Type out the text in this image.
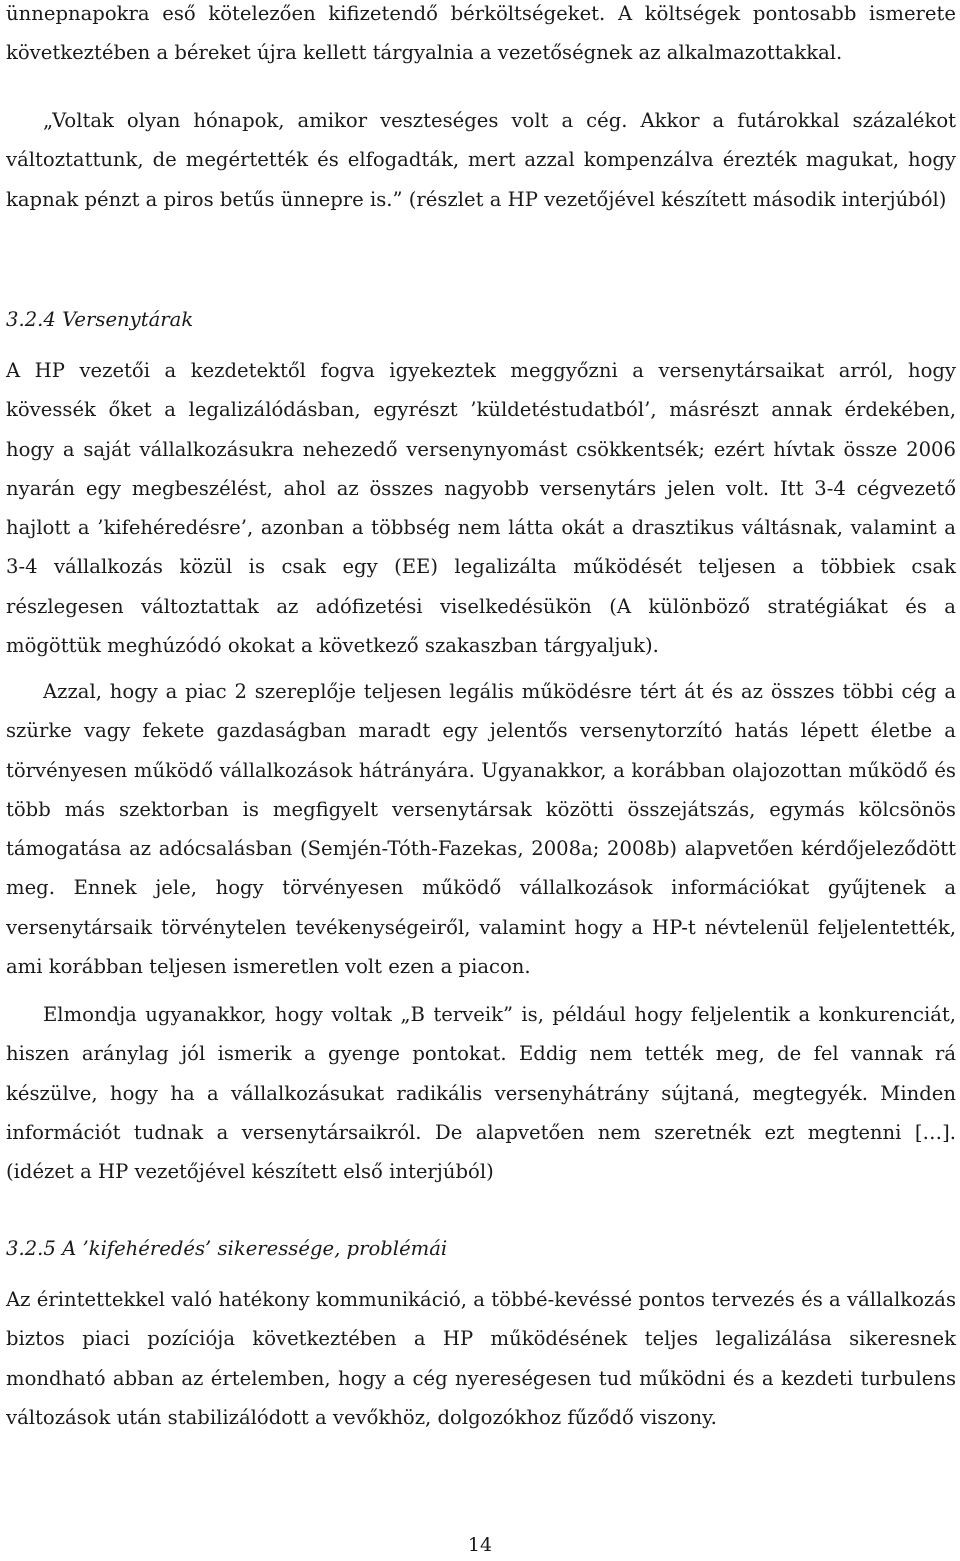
ünnepnapokra eső kötelezően kifizetendő bérköltségeket. A költségek pontosabb ismerete következtében a béreket újra kellett tárgyalnia a vezetőségnek az alkalmazottakkal.

„Voltak olyan hónapok, amikor veszteséges volt a cég. Akkor a futárokkal százalékot változtattunk, de megértették és elfogadták, mert azzal kompenzálva érezték magukat, hogy kapnak pénzt a piros betűs ünnepre is.” (részlet a HP vezetőjével készített második interjúból)

3.2.4 Versenytárak

A HP vezetői a kezdetektől fogva igyekeztek meggyőzni a versenytársaikat arról, hogy kövessék őket a legalizálódásban, egyrészt ’küldetéstudatból’, másrészt annak érdekében, hogy a saját vállalkozásukra nehezedő versenynyomást csökkentsék; ezért hívtak össze 2006 nyarán egy megbeszélést, ahol az összes nagyobb versenytárs jelen volt. Itt 3-4 cégvezető hajlott a ’kifehéredésre’, azonban a többség nem látta okát a drasztikus váltásnak, valamint a 3-4 vállalkozás közül is csak egy (EE) legalizálta működését teljesen a többiek csak részlegesen változtattak az adófizetési viselkedésükön (A különböző stratégiákat és a mögöttük meghúzódó okokat a következő szakaszban tárgyaljuk).

Azzal, hogy a piac 2 szereplője teljesen legális működésre tért át és az összes többi cég a szürke vagy fekete gazdaságban maradt egy jelentős versenytorzító hatás lépett életbe a törvényesen működő vállalkozások hátrányára. Ugyanakkor, a korábban olajozottan működő és több más szektorban is megfigyelt versenytársak közötti összejátszás, egymás kölcsönös támogatása az adócsalásban (Semjén-Tóth-Fazekas, 2008a; 2008b) alapvetően kérdőjeleződött meg. Ennek jele, hogy törvényesen működő vállalkozások információkat gyűjtenek a versenytársaik törvénytelen tevékenységeiről, valamint hogy a HP-t névtelenül feljelentették, ami korábban teljesen ismeretlen volt ezen a piacon.

Elmondja ugyanakkor, hogy voltak „B terveik” is, például hogy feljelentik a konkurenciát, hiszen aránylag jól ismerik a gyenge pontokat. Eddig nem tették meg, de fel vannak rá készülve, hogy ha a vállalkozásukat radikális versenyhátrány sújtaná, megtegyék. Minden információt tudnak a versenytársaikról. De alapvetően nem szeretnék ezt megtenni […]. (idézet a HP vezetőjével készített első interjúból)

3.2.5 A ’kifehéredés’ sikeressége, problémái

Az érintettekkel való hatékony kommunikáció, a többé-kevéssé pontos tervezés és a vállalkozás biztos piaci pozíciója következtében a HP működésének teljes legalizálása sikeresnek mondható abban az értelemben, hogy a cég nyereségesen tud működni és a kezdeti turbulens változások után stabilizálódott a vevőkhöz, dolgozókhoz fűződő viszony.

14
